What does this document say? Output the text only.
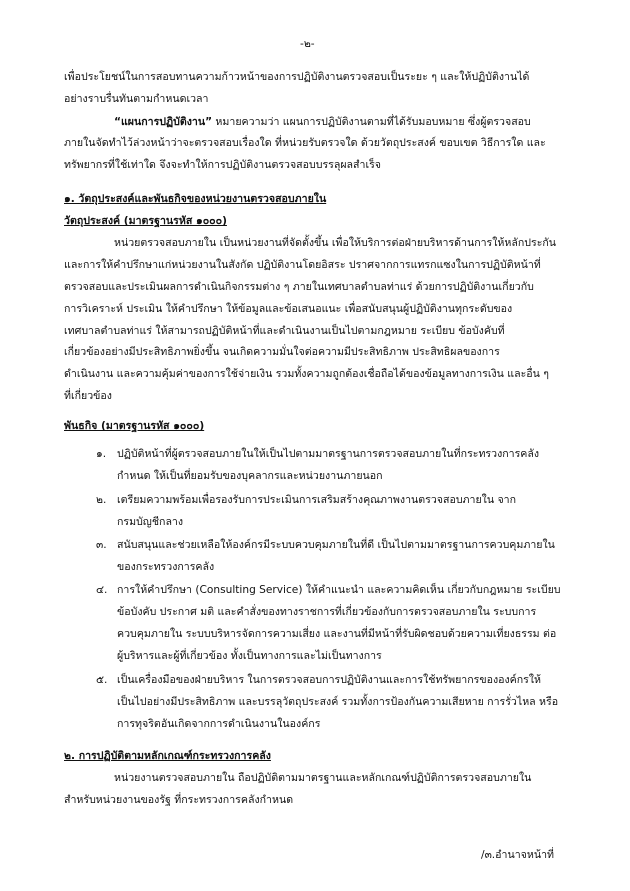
-๒-
เพื่อประโยชน์ในการสอบทานความก้าวหน้าของการปฏิบัติงานตรวจสอบเป็นระยะ ๆ และให้ปฏิบัติงานได้
อย่างราบรื่นทันตามกำหนดเวลา
“แผนการปฏิบัติงาน” หมายความว่า แผนการปฏิบัติงานตามที่ได้รับมอบหมาย ซึ่งผู้ตรวจสอบ
ภายในจัดทำไว้ล่วงหน้าว่าจะตรวจสอบเรื่องใด ที่หน่วยรับตรวจใด ด้วยวัตถุประสงค์ ขอบเขต วิธีการใด และ
ทรัพยากรที่ใช้เท่าใด จึงจะทำให้การปฏิบัติงานตรวจสอบบรรลุผลสำเร็จ
๑. วัตถุประสงค์และพันธกิจของหน่วยงานตรวจสอบภายใน
วัตถุประสงค์ (มาตรฐานรหัส ๑๐๐๐)
หน่วยตรวจสอบภายใน เป็นหน่วยงานที่จัดตั้งขึ้น เพื่อให้บริการต่อฝ่ายบริหารด้านการให้หลักประกัน
และการให้คำปรึกษาแก่หน่วยงานในสังกัด ปฏิบัติงานโดยอิสระ ปราศจากการแทรกแซงในการปฏิบัติหน้าที่
ตรวจสอบและประเมินผลการดำเนินกิจกรรมต่าง ๆ ภายในเทศบาลตำบลท่าแร่ ด้วยการปฏิบัติงานเกี่ยวกับ
การวิเคราะห์ ประเมิน ให้คำปรึกษา ให้ข้อมูลและข้อเสนอแนะ เพื่อสนับสนุนผู้ปฏิบัติงานทุกระดับของ
เทศบาลตำบลท่าแร่ ให้สามารถปฏิบัติหน้าที่และดำเนินงานเป็นไปตามกฎหมาย ระเบียบ ข้อบังคับที่
เกี่ยวข้องอย่างมีประสิทธิภาพยิ่งขึ้น จนเกิดความมั่นใจต่อความมีประสิทธิภาพ ประสิทธิผลของการ
ดำเนินงาน และความคุ้มค่าของการใช้จ่ายเงิน รวมทั้งความถูกต้องเชื่อถือได้ของข้อมูลทางการเงิน และอื่น ๆ
ที่เกี่ยวข้อง
พันธกิจ (มาตรฐานรหัส ๑๐๐๐)
๑. ปฏิบัติหน้าที่ผู้ตรวจสอบภายในให้เป็นไปตามมาตรฐานการตรวจสอบภายในที่กระทรวงการคลัง
กำหนด ให้เป็นที่ยอมรับของบุคลากรและหน่วยงานภายนอก
๒. เตรียมความพร้อมเพื่อรองรับการประเมินการเสริมสร้างคุณภาพงานตรวจสอบภายใน จาก
กรมบัญชีกลาง
๓. สนับสนุนและช่วยเหลือให้องค์กรมีระบบควบคุมภายในที่ดี เป็นไปตามมาตรฐานการควบคุมภายใน
ของกระทรวงการคลัง
๔. การให้คำปรึกษา (Consulting Service) ให้คำแนะนำ และความคิดเห็น เกี่ยวกับกฎหมาย ระเบียบ
ข้อบังคับ ประกาศ มติ และคำสั่งของทางราชการที่เกี่ยวข้องกับการตรวจสอบภายใน ระบบการ
ควบคุมภายใน ระบบบริหารจัดการความเสี่ยง และงานที่มีหน้าที่รับผิดชอบด้วยความเที่ยงธรรม ต่อ
ผู้บริหารและผู้ที่เกี่ยวข้อง ทั้งเป็นทางการและไม่เป็นทางการ
๕. เป็นเครื่องมือของฝ่ายบริหาร ในการตรวจสอบการปฏิบัติงานและการใช้ทรัพยากรขององค์กรให้
เป็นไปอย่างมีประสิทธิภาพ และบรรลุวัตถุประสงค์ รวมทั้งการป้องกันความเสียหาย การรั่วไหล หรือ
การทุจริตอันเกิดจากการดำเนินงานในองค์กร
๒. การปฏิบัติตามหลักเกณฑ์กระทรวงการคลัง
หน่วยงานตรวจสอบภายใน ถือปฏิบัติตามมาตรฐานและหลักเกณฑ์ปฏิบัติการตรวจสอบภายใน
สำหรับหน่วยงานของรัฐ ที่กระทรวงการคลังกำหนด
/๓.อำนาจหน้าที่
